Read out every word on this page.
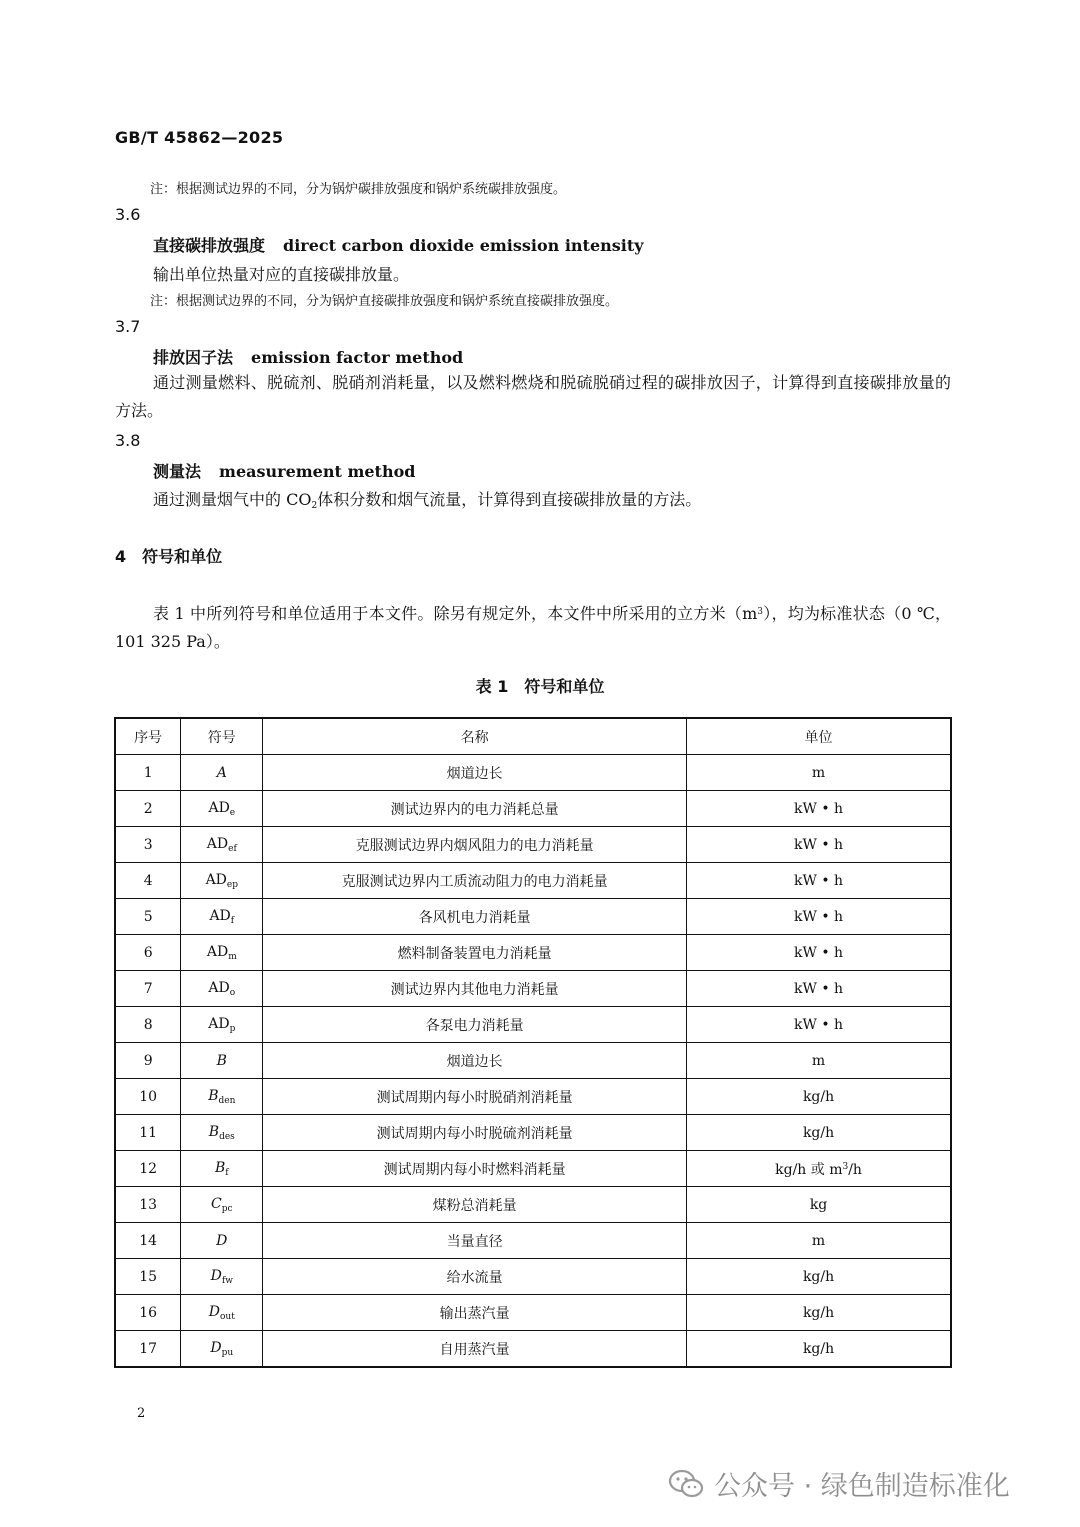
GB/T 45862—2025
注：根据测试边界的不同，分为锅炉碳排放强度和锅炉系统碳排放强度。
3.6
直接碳排放强度 direct carbon dioxide emission intensity
输出单位热量对应的直接碳排放量。
注：根据测试边界的不同，分为锅炉直接碳排放强度和锅炉系统直接碳排放强度。
3.7
排放因子法 emission factor method
通过测量燃料、脱硫剂、脱硝剂消耗量，以及燃料燃烧和脱硫脱硝过程的碳排放因子，计算得到直接碳排放量的方法。
3.8
测量法 measurement method
通过测量烟气中的 $CO_2$体积分数和烟气流量，计算得到直接碳排放量的方法。
4 符号和单位
表 1 中所列符号和单位适用于本文件。除另有规定外，本文件中所采用的立方米$(m^3)$，均为标准状态（0 ℃，101 325 Pa）。
表 1 符号和单位
序号	符号	名称	单位
1	A	烟道边长	m
2	$AD_e$	测试边界内的电力消耗总量	kW • h
3	$AD_{ef}$	克服测试边界内烟风阻力的电力消耗量	kW • h
4	$AD_{ep}$	克服测试边界内工质流动阻力的电力消耗量	kW • h
5	$AD_f$	各风机电力消耗量	kW • h
6	$AD_m$	燃料制备装置电力消耗量	kW • h
7	$AD_o$	测试边界内其他电力消耗量	kW • h
8	$AD_p$	各泵电力消耗量	kW • h
9	B	烟道边长	m
10	$B_{den}$	测试周期内每小时脱硝剂消耗量	kg/h
11	$B_{des}$	测试周期内每小时脱硫剂消耗量	kg/h
12	$B_f$	测试周期内每小时燃料消耗量	kg/h 或 $m^3/h$
13	$C_{pc}$	煤粉总消耗量	kg
14	D	当量直径	m
15	$D_{fw}$	给水流量	kg/h
16	$D_{out}$	输出蒸汽量	kg/h
17	$D_{pu}$	自用蒸汽量	kg/h
2
公众号 · 绿色制造标准化
